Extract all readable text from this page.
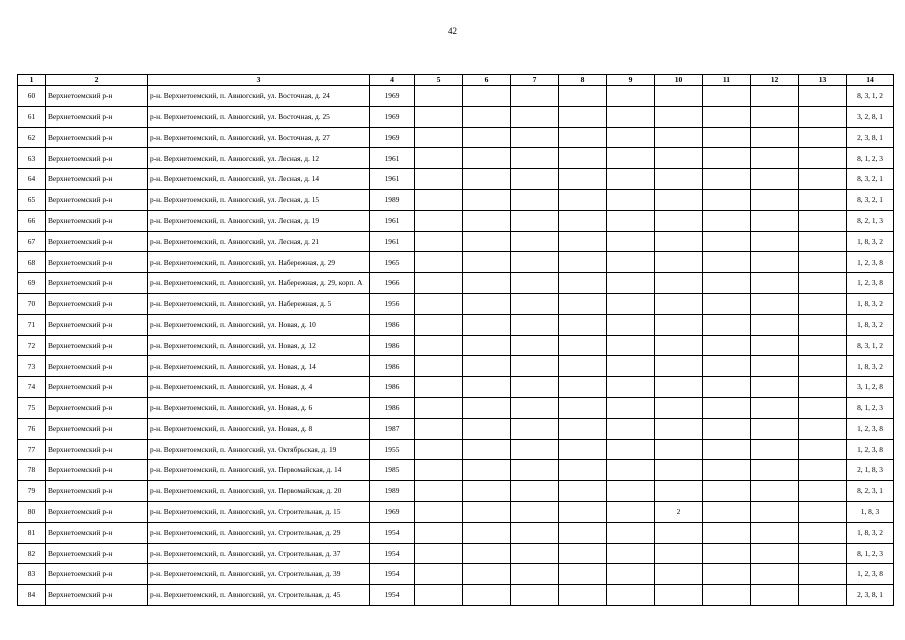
42
1	2	3	4	5	6	7	8	9	10	11	12	13	14
60	Верхнетоемский р-н	р-н. Верхнетоемский, п. Авнюгский, ул. Восточная, д. 24	1969										8, 3, 1, 2
61	Верхнетоемский р-н	р-н. Верхнетоемский, п. Авнюгский, ул. Восточная, д. 25	1969										3, 2, 8, 1
62	Верхнетоемский р-н	р-н. Верхнетоемский, п. Авнюгский, ул. Восточная, д. 27	1969										2, 3, 8, 1
63	Верхнетоемский р-н	р-н. Верхнетоемский, п. Авнюгский, ул. Лесная, д. 12	1961										8, 1, 2, 3
64	Верхнетоемский р-н	р-н. Верхнетоемский, п. Авнюгский, ул. Лесная, д. 14	1961										8, 3, 2, 1
65	Верхнетоемский р-н	р-н. Верхнетоемский, п. Авнюгский, ул. Лесная, д. 15	1989										8, 3, 2, 1
66	Верхнетоемский р-н	р-н. Верхнетоемский, п. Авнюгский, ул. Лесная, д. 19	1961										8, 2, 1, 3
67	Верхнетоемский р-н	р-н. Верхнетоемский, п. Авнюгский, ул. Лесная, д. 21	1961										1, 8, 3, 2
68	Верхнетоемский р-н	р-н. Верхнетоемский, п. Авнюгский, ул. Набережная, д. 29	1965										1, 2, 3, 8
69	Верхнетоемский р-н	р-н. Верхнетоемский, п. Авнюгский, ул. Набережная, д. 29, корп. А	1966										1, 2, 3, 8
70	Верхнетоемский р-н	р-н. Верхнетоемский, п. Авнюгский, ул. Набережная, д. 5	1956										1, 8, 3, 2
71	Верхнетоемский р-н	р-н. Верхнетоемский, п. Авнюгский, ул. Новая, д. 10	1986										1, 8, 3, 2
72	Верхнетоемский р-н	р-н. Верхнетоемский, п. Авнюгский, ул. Новая, д. 12	1986										8, 3, 1, 2
73	Верхнетоемский р-н	р-н. Верхнетоемский, п. Авнюгский, ул. Новая, д. 14	1986										1, 8, 3, 2
74	Верхнетоемский р-н	р-н. Верхнетоемский, п. Авнюгский, ул. Новая, д. 4	1986										3, 1, 2, 8
75	Верхнетоемский р-н	р-н. Верхнетоемский, п. Авнюгский, ул. Новая, д. 6	1986										8, 1, 2, 3
76	Верхнетоемский р-н	р-н. Верхнетоемский, п. Авнюгский, ул. Новая, д. 8	1987										1, 2, 3, 8
77	Верхнетоемский р-н	р-н. Верхнетоемский, п. Авнюгский, ул. Октябрьская, д. 19	1955										1, 2, 3, 8
78	Верхнетоемский р-н	р-н. Верхнетоемский, п. Авнюгский, ул. Первомайская, д. 14	1985										2, 1, 8, 3
79	Верхнетоемский р-н	р-н. Верхнетоемский, п. Авнюгский, ул. Первомайская, д. 20	1989										8, 2, 3, 1
80	Верхнетоемский р-н	р-н. Верхнетоемский, п. Авнюгский, ул. Строительная, д. 15	1969						2				1, 8, 3
81	Верхнетоемский р-н	р-н. Верхнетоемский, п. Авнюгский, ул. Строительная, д. 29	1954										1, 8, 3, 2
82	Верхнетоемский р-н	р-н. Верхнетоемский, п. Авнюгский, ул. Строительная, д. 37	1954										8, 1, 2, 3
83	Верхнетоемский р-н	р-н. Верхнетоемский, п. Авнюгский, ул. Строительная, д. 39	1954										1, 2, 3, 8
84	Верхнетоемский р-н	р-н. Верхнетоемский, п. Авнюгский, ул. Строительная, д. 45	1954										2, 3, 8, 1
